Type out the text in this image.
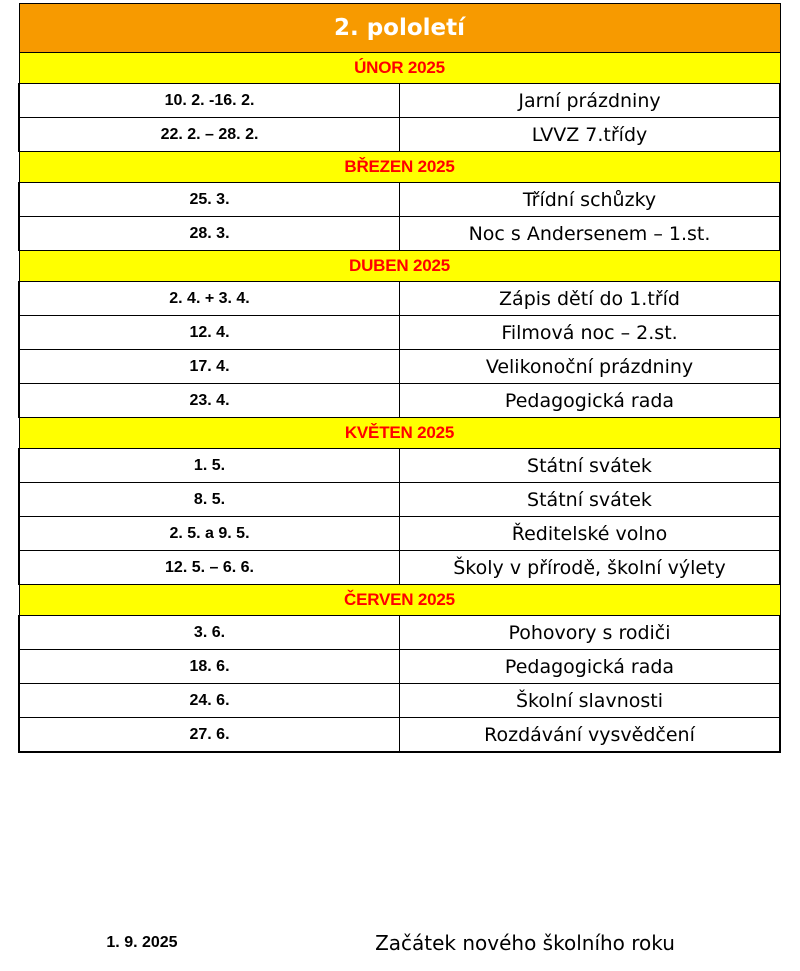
2. pololetí	
ÚNOR 2025	
10. 2. -16. 2.	Jarní prázdniny
22. 2. – 28. 2.	LVVZ 7.třídy
BŘEZEN 2025	
25. 3.	Třídní schůzky
28. 3.	Noc s Andersenem – 1.st.
DUBEN 2025	
2. 4. + 3. 4.	Zápis dětí do 1.tříd
12. 4.	Filmová noc – 2.st.
17. 4.	Velikonoční prázdniny
23. 4.	Pedagogická rada
KVĚTEN 2025	
1. 5.	Státní svátek
8. 5.	Státní svátek
2. 5. a 9. 5.	Ředitelské volno
12. 5. – 6. 6.	Školy v přírodě, školní výlety
ČERVEN 2025	
3. 6.	Pohovory s rodiči
18. 6.	Pedagogická rada
24. 6.	Školní slavnosti
27. 6.	Rozdávání vysvědčení
1. 9. 2025	Začátek nového školního roku
